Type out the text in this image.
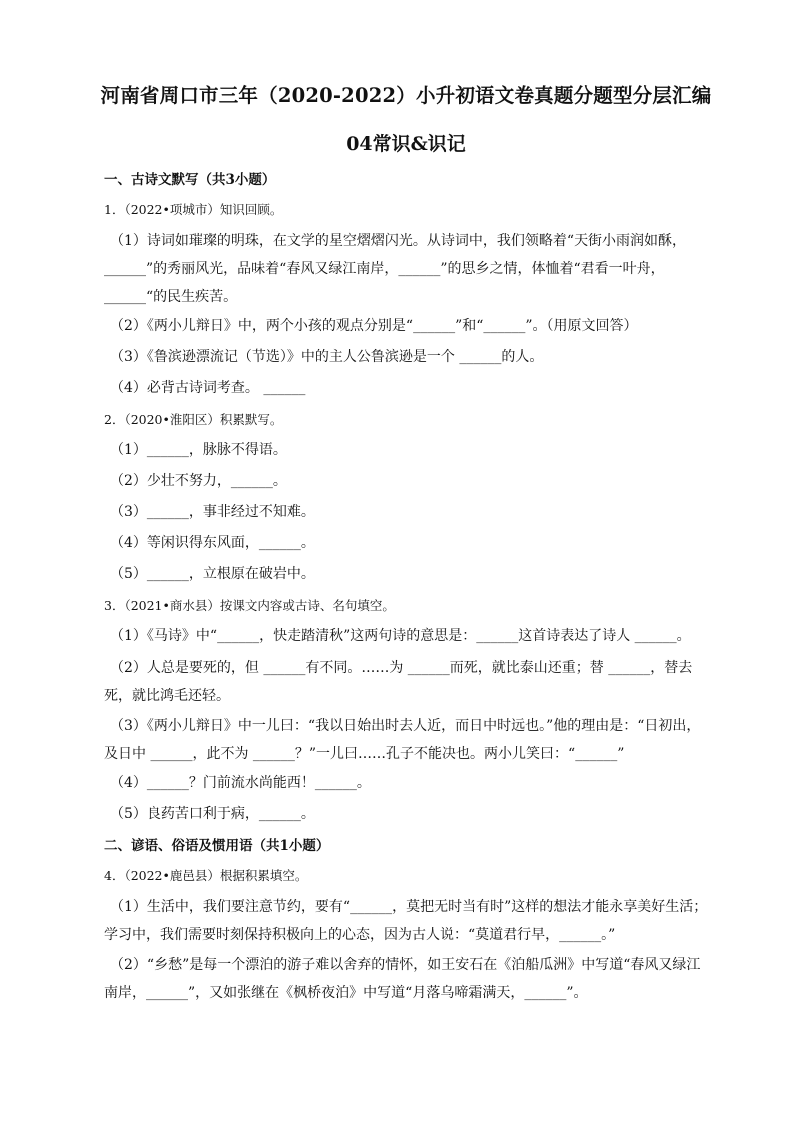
河南省周口市三年（2020-2022）小升初语文卷真题分题型分层汇编
04常识&识记
一、古诗文默写（共3小题）
1．（2022•项城市）知识回顾。
（1）诗词如璀璨的明珠，在文学的星空熠熠闪光。从诗词中，我们领略着“天街小雨润如酥，______”的秀丽风光，品味着“春风又绿江南岸，______”的思乡之情，体恤着“君看一叶舟，______“的民生疾苦。
（2）《两小儿辩日》中，两个小孩的观点分别是“______”和“______”。（用原文回答）
（3）《鲁滨逊漂流记（节选）》中的主人公鲁滨逊是一个 ______的人。
（4）必背古诗词考查。 ______
2．（2020•淮阳区）积累默写。
（1）______，脉脉不得语。
（2）少壮不努力，______。
（3）______，事非经过不知难。
（4）等闲识得东风面，______。
（5）______，立根原在破岩中。
3．（2021•商水县）按课文内容或古诗、名句填空。
（1）《马诗》中“______，快走踏清秋”这两句诗的意思是：______这首诗表达了诗人 ______。
（2）人总是要死的，但 ______有不同。……为 ______而死，就比泰山还重；替 ______，替去死，就比鸿毛还轻。
（3）《两小儿辩日》中一儿曰：“我以日始出时去人近，而日中时远也。”他的理由是：“日初出，及日中 ______，此不为 ______？”一儿曰……孔子不能决也。两小儿笑曰：“______”
（4）______？门前流水尚能西！______。
（5）良药苦口利于病，______。
二、谚语、俗语及惯用语（共1小题）
4．（2022•鹿邑县）根据积累填空。
（1）生活中，我们要注意节约，要有“______，莫把无时当有时”这样的想法才能永享美好生活；学习中，我们需要时刻保持积极向上的心态，因为古人说：“莫道君行早，______。”
（2）“乡愁”是每一个漂泊的游子难以舍弃的情怀，如王安石在《泊船瓜洲》中写道“春风又绿江南岸，______”，又如张继在《枫桥夜泊》中写道“月落乌啼霜满天，______”。
